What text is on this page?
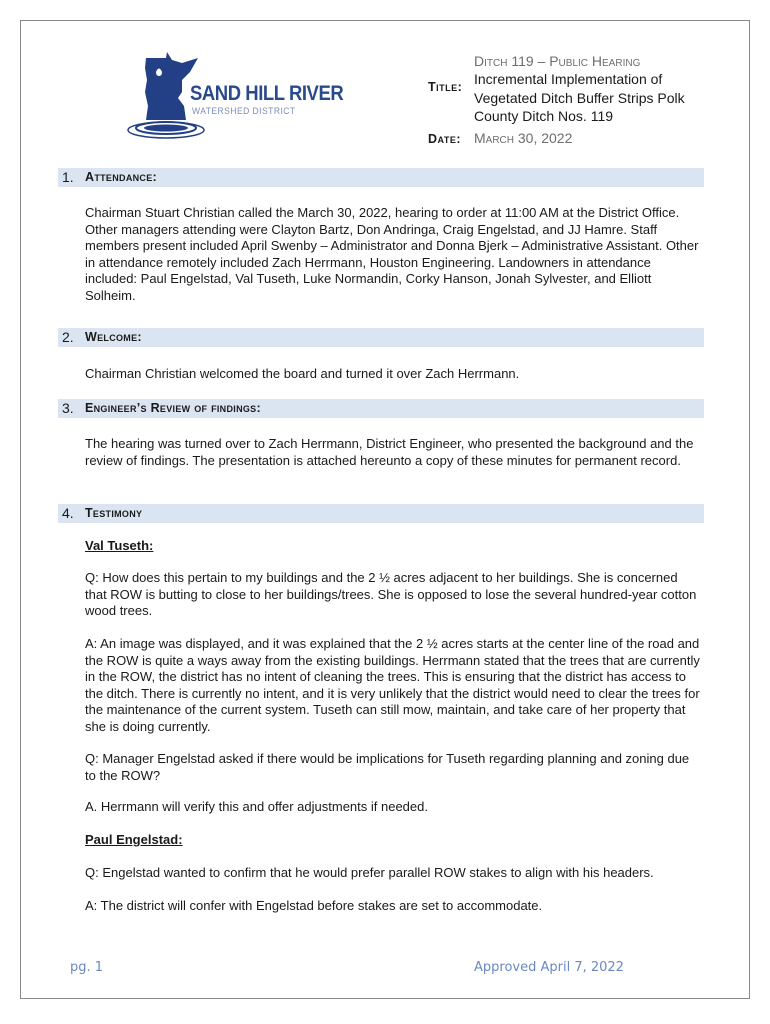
SAND HILL RIVER
WATERSHED DISTRICT
Ditch 119 – Public Hearing
Title: Incremental Implementation of Vegetated Ditch Buffer Strips Polk County Ditch Nos. 119
Date: March 30, 2022
1. Attendance:
Chairman Stuart Christian called the March 30, 2022, hearing to order at 11:00 AM at the District Office. Other managers attending were Clayton Bartz, Don Andringa, Craig Engelstad, and JJ Hamre. Staff members present included April Swenby – Administrator and Donna Bjerk – Administrative Assistant. Other in attendance remotely included Zach Herrmann, Houston Engineering. Landowners in attendance included: Paul Engelstad, Val Tuseth, Luke Normandin, Corky Hanson, Jonah Sylvester, and Elliott Solheim.
2. Welcome:
Chairman Christian welcomed the board and turned it over Zach Herrmann.
3. Engineer’s Review of findings:
The hearing was turned over to Zach Herrmann, District Engineer, who presented the background and the review of findings. The presentation is attached hereunto a copy of these minutes for permanent record.
4. Testimony
Val Tuseth:
Q: How does this pertain to my buildings and the 2 ½ acres adjacent to her buildings. She is concerned that ROW is butting to close to her buildings/trees. She is opposed to lose the several hundred-year cotton wood trees.
A: An image was displayed, and it was explained that the 2 ½ acres starts at the center line of the road and the ROW is quite a ways away from the existing buildings. Herrmann stated that the trees that are currently in the ROW, the district has no intent of cleaning the trees. This is ensuring that the district has access to the ditch. There is currently no intent, and it is very unlikely that the district would need to clear the trees for the maintenance of the current system. Tuseth can still mow, maintain, and take care of her property that she is doing currently.
Q: Manager Engelstad asked if there would be implications for Tuseth regarding planning and zoning due to the ROW?
A. Herrmann will verify this and offer adjustments if needed.
Paul Engelstad:
Q: Engelstad wanted to confirm that he would prefer parallel ROW stakes to align with his headers.
A: The district will confer with Engelstad before stakes are set to accommodate.
pg. 1	Approved April 7, 2022
